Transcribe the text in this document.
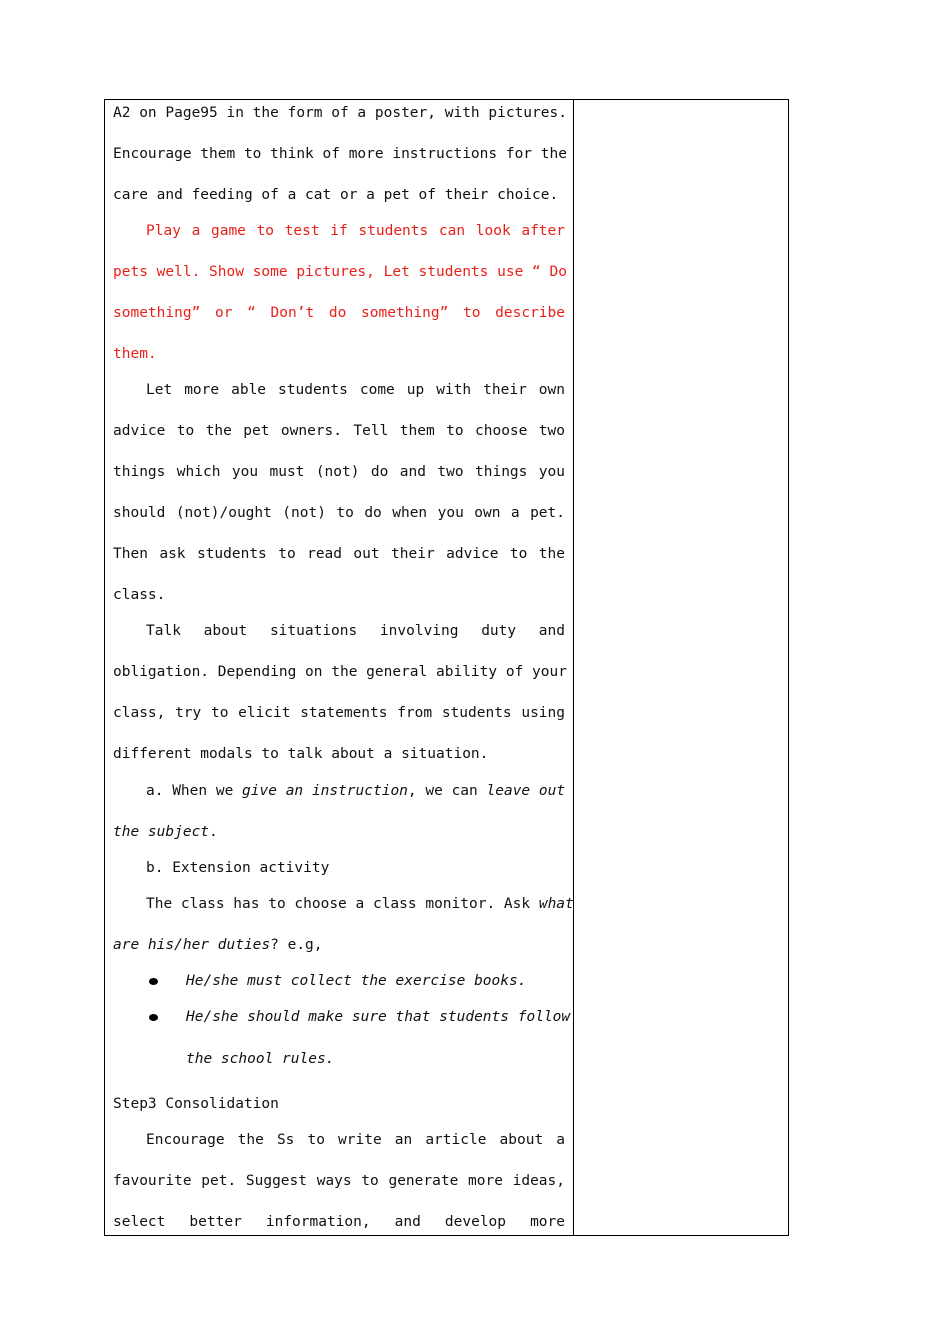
A2 on Page95 in the form of a poster, with pictures.
Encourage them to think of more instructions for the
care and feeding of a cat or a pet of their choice.
Play a game to test if students can look after
pets well. Show some pictures, Let students use “ Do
something” or “ Don’t do something” to describe
them.
Let more able students come up with their own
advice to the pet owners. Tell them to choose two
things which you must (not) do and two things you
should (not)/ought (not) to do when you own a pet.
Then ask students to read out their advice to the
class.
Talk about situations involving duty and
obligation. Depending on the general ability of your
class, try to elicit statements from students using
different modals to talk about a situation.
a. When we give an instruction, we can leave out
the subject.
b. Extension activity
The class has to choose a class monitor. Ask what
are his/her duties? e.g,
He/she must collect the exercise books.
He/she should make sure that students follow
the school rules.
Step3 Consolidation
Encourage the Ss to write an article about a
favourite pet. Suggest ways to generate more ideas,
select better information, and develop more
